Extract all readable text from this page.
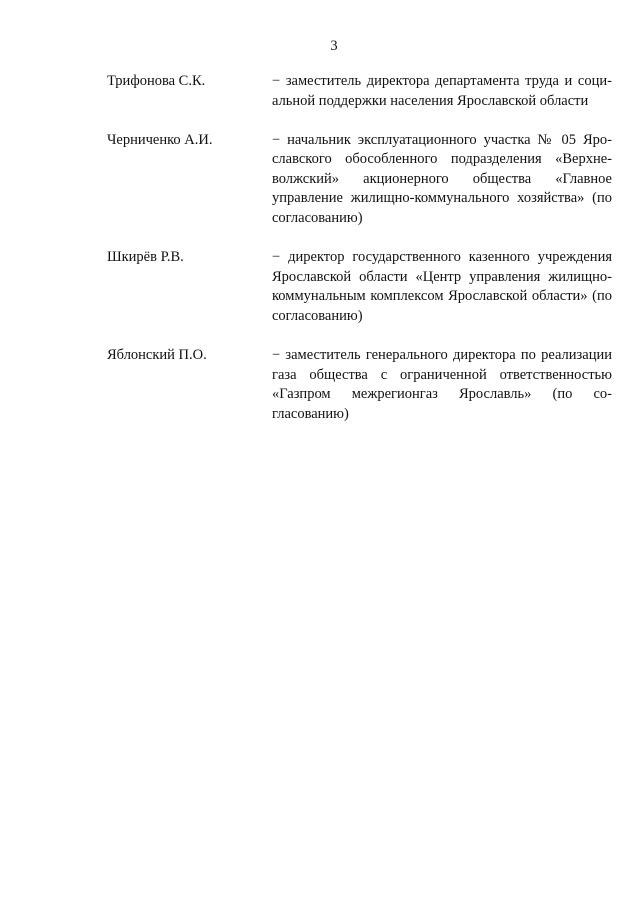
3
Трифонова С.К.	− заместитель директора департамента труда и социальной поддержки населения Ярославской области
Черниченко А.И.	− начальник эксплуатационного участка № 05 Ярославского обособленного подразделения «Верхневолжский» акционерного общества «Главное управление жилищно-коммунального хозяйства» (по согласованию)
Шкирёв Р.В.	− директор государственного казенного учреждения Ярославской области «Центр управления жилищно-коммунальным комплексом Ярославской области» (по согласованию)
Яблонский П.О.	− заместитель генерального директора по реализации газа общества с ограниченной ответственностью «Газпром межрегионгаз Ярославль» (по согласованию)
